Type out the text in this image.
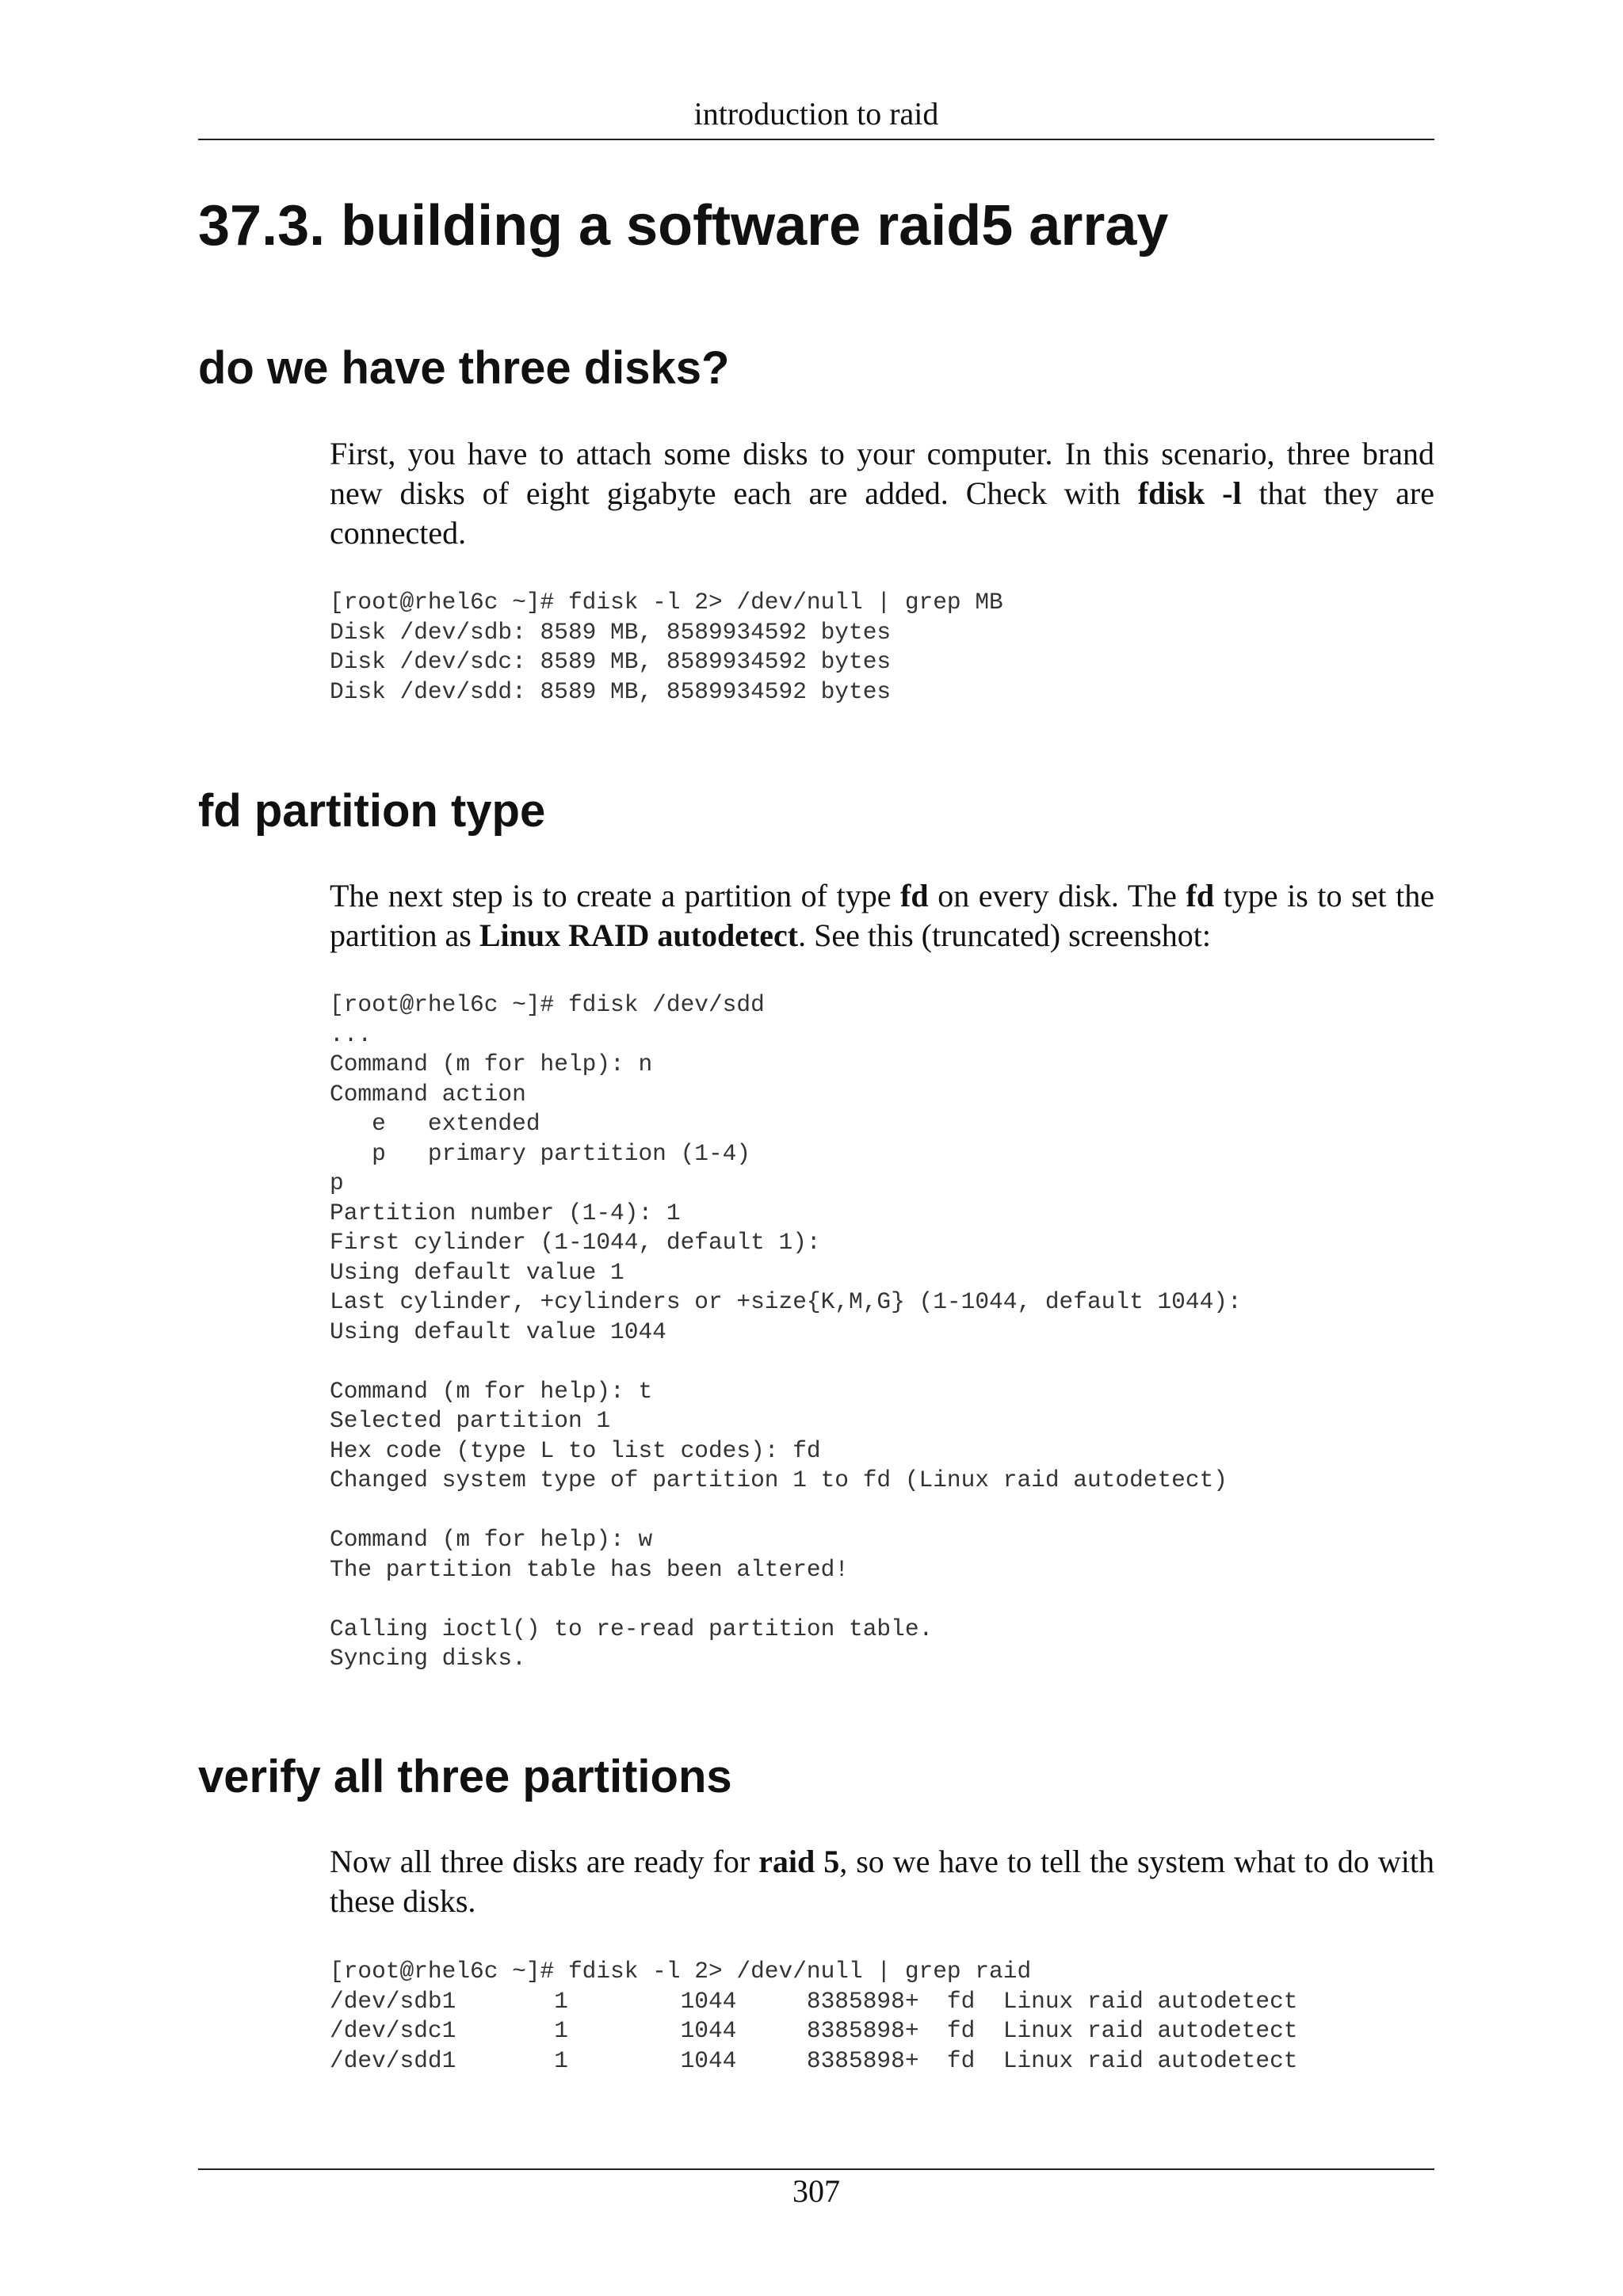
introduction to raid
37.3. building a software raid5 array
do we have three disks?

First, you have to attach some disks to your computer. In this scenario, three brand new disks of eight gigabyte each are added. Check with fdisk -l that they are connected.

[root@rhel6c ~]# fdisk -l 2> /dev/null | grep MB
Disk /dev/sdb: 8589 MB, 8589934592 bytes
Disk /dev/sdc: 8589 MB, 8589934592 bytes
Disk /dev/sdd: 8589 MB, 8589934592 bytes
fd partition type

The next step is to create a partition of type fd on every disk. The fd type is to set the partition as Linux RAID autodetect. See this (truncated) screenshot:

[root@rhel6c ~]# fdisk /dev/sdd
...
Command (m for help): n
Command action
e   extended
p   primary partition (1-4)
p
Partition number (1-4): 1
First cylinder (1-1044, default 1):
Using default value 1
Last cylinder, +cylinders or +size{K,M,G} (1-1044, default 1044):
Using default value 1044
Command (m for help): t
Selected partition 1
Hex code (type L to list codes): fd
Changed system type of partition 1 to fd (Linux raid autodetect)
Command (m for help): w
The partition table has been altered!
Calling ioctl() to re-read partition table.
Syncing disks.
verify all three partitions

Now all three disks are ready for raid 5, so we have to tell the system what to do with these disks.

[root@rhel6c ~]# fdisk -l 2> /dev/null | grep raid
/dev/sdb1       1        1044     8385898+  fd  Linux raid autodetect
/dev/sdc1       1        1044     8385898+  fd  Linux raid autodetect
/dev/sdd1       1        1044     8385898+  fd  Linux raid autodetect
307
